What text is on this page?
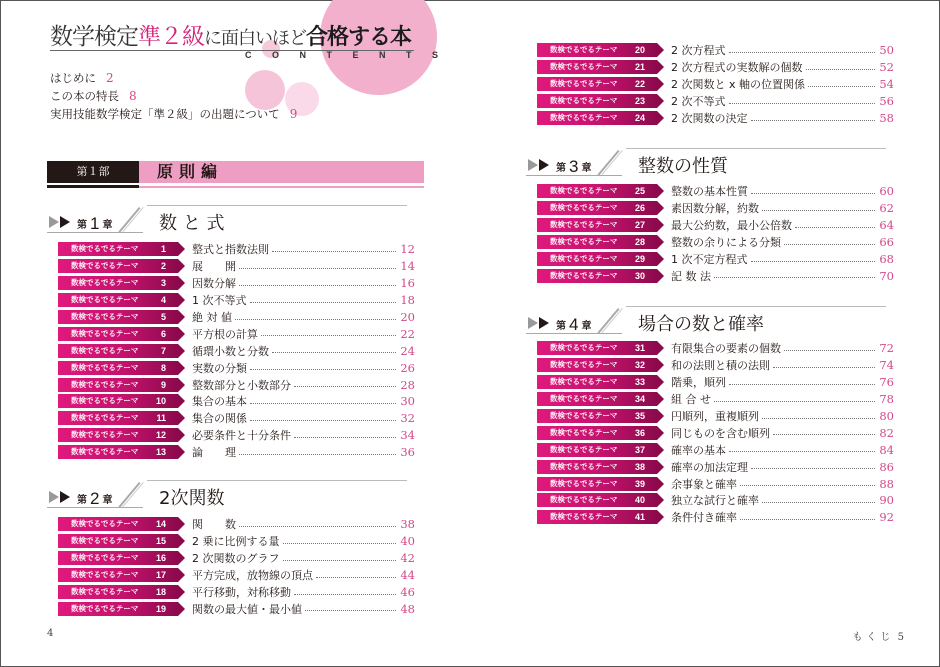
数学検定準２級に面白いほど合格する本
CONTENTS
はじめに 2
この本の特長 8
実用技能数学検定「準２級」の出題について 9
第１部	原則編
第 1 章	数 と 式
数検でるでるテーマ	1 整式と指数法則	12
数検でるでるテーマ	2 展　　開	14
数検でるでるテーマ	3 因数分解	16
数検でるでるテーマ	4 1 次不等式	18
数検でるでるテーマ	5 絶 対 値	20
数検でるでるテーマ	6 平方根の計算	22
数検でるでるテーマ	7 循環小数と分数	24
数検でるでるテーマ	8 実数の分類	26
数検でるでるテーマ	9 整数部分と小数部分	28
数検でるでるテーマ 10 集合の基本	30
数検でるでるテーマ 11 集合の関係	32
数検でるでるテーマ 12 必要条件と十分条件	34
数検でるでるテーマ 13 論　　理	36
第 2 章	2次関数
数検でるでるテーマ 14 関　　数	38
数検でるでるテーマ 15 2 乗に比例する量	40
数検でるでるテーマ 16 2 次関数のグラフ	42
数検でるでるテーマ 17 平方完成，放物線の頂点	44
数検でるでるテーマ 18 平行移動，対称移動	46
数検でるでるテーマ 19 関数の最大値・最小値	48
4
数検でるでるテーマ 20 2 次方程式	50
数検でるでるテーマ 21 2 次方程式の実数解の個数	52
数検でるでるテーマ 22 2 次関数と x 軸の位置関係	54
数検でるでるテーマ 23 2 次不等式	56
数検でるでるテーマ 24 2 次関数の決定	58
第 3 章	整数の性質
数検でるでるテーマ 25 整数の基本性質	60
数検でるでるテーマ 26 素因数分解，約数	62
数検でるでるテーマ 27 最大公約数，最小公倍数	64
数検でるでるテーマ 28 整数の余りによる分類	66
数検でるでるテーマ 29 1 次不定方程式	68
数検でるでるテーマ 30 記 数 法	70
第 4 章	場合の数と確率
数検でるでるテーマ 31 有限集合の要素の個数	72
数検でるでるテーマ 32 和の法則と積の法則	74
数検でるでるテーマ 33 階乗，順列	76
数検でるでるテーマ 34 組 合 せ	78
数検でるでるテーマ 35 円順列，重複順列	80
数検でるでるテーマ 36 同じものを含む順列	82
数検でるでるテーマ 37 確率の基本	84
数検でるでるテーマ 38 確率の加法定理	86
数検でるでるテーマ 39 余事象と確率	88
数検でるでるテーマ 40 独立な試行と確率	90
数検でるでるテーマ 41 条件付き確率	92
もくじ 5
